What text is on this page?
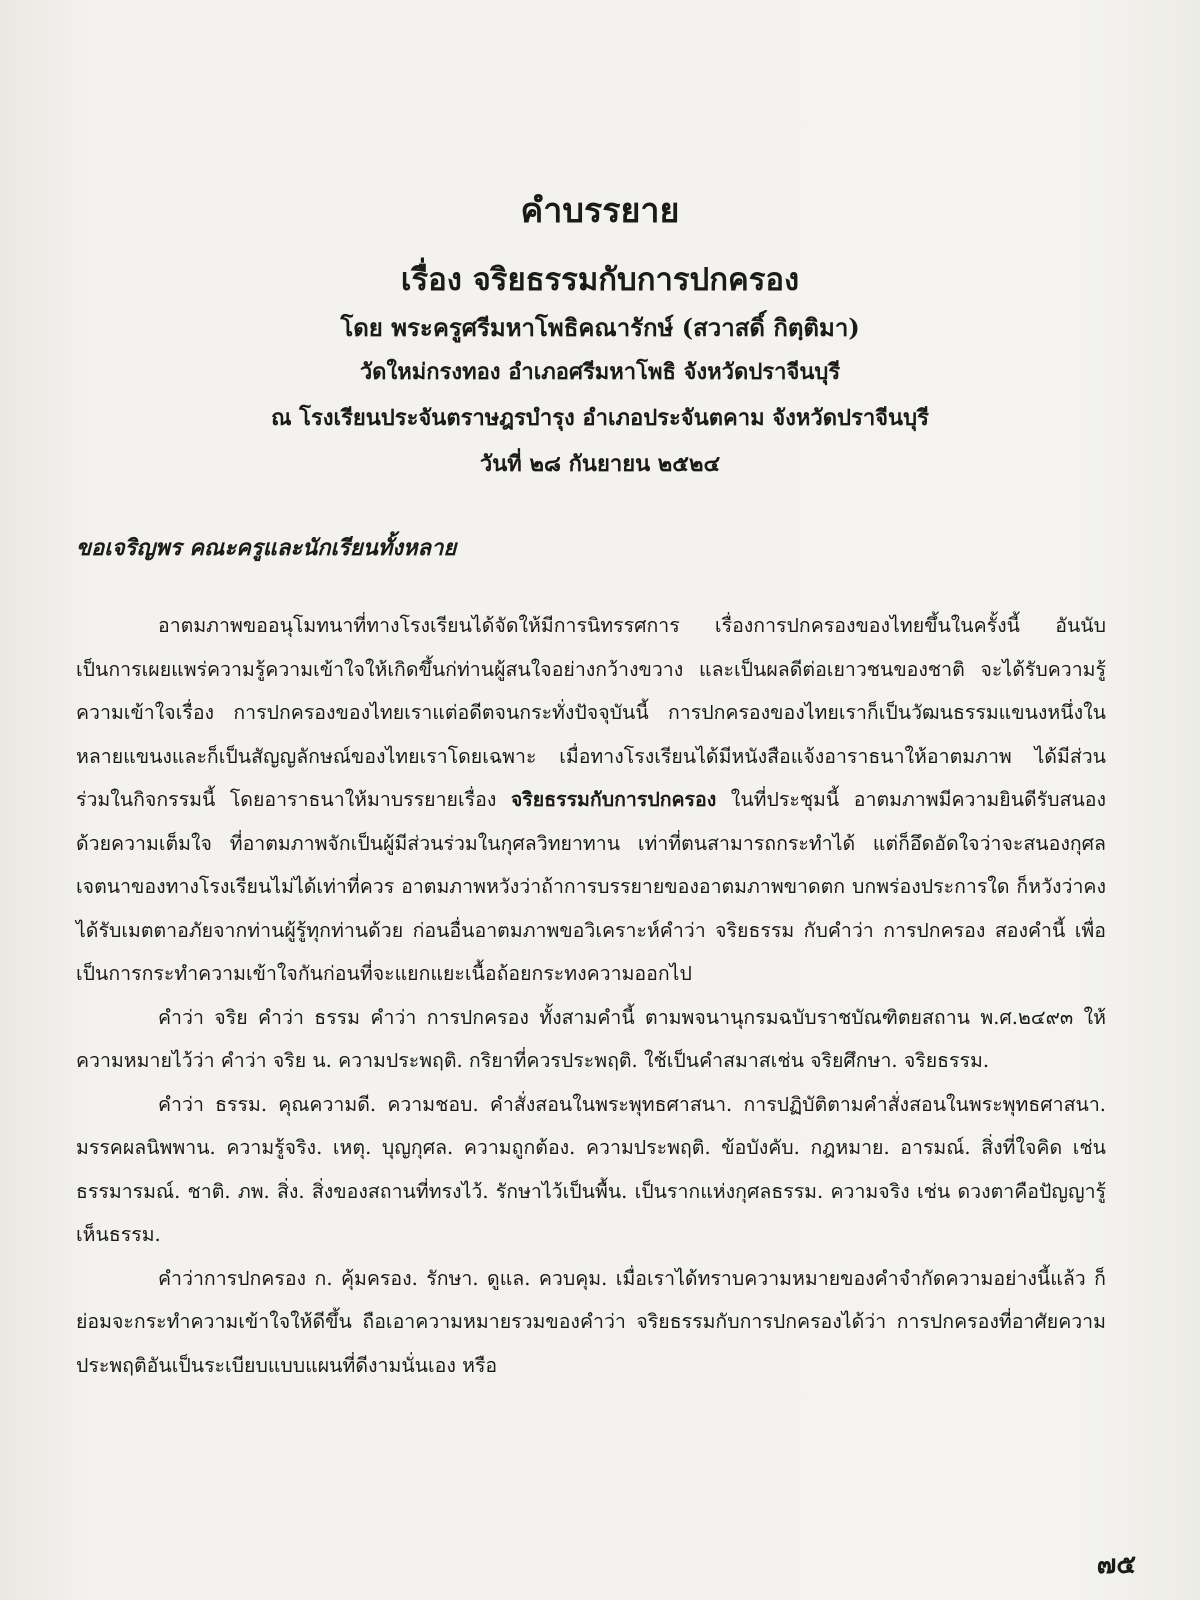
คำบรรยาย
เรื่อง จริยธรรมกับการปกครอง
โดย พระครูศรีมหาโพธิคณารักษ์ (สวาสดิ์ กิตฺติมา)
วัดใหม่กรงทอง อำเภอศรีมหาโพธิ จังหวัดปราจีนบุรี
ณ โรงเรียนประจันตราษฎรบำรุง อำเภอประจันตคาม จังหวัดปราจีนบุรี
วันที่ ๒๘ กันยายน ๒๕๒๔
ขอเจริญพร คณะครูและนักเรียนทั้งหลาย

อาตมภาพขออนุโมทนาที่ทางโรงเรียนได้จัดให้มีการนิทรรศการ เรื่องการปกครองของไทยขึ้นในครั้งนี้ อันนับเป็นการเผยแพร่ความรู้ความเข้าใจให้เกิดขึ้นก่ท่านผู้สนใจอย่างกว้างขวาง และเป็นผลดีต่อเยาวชนของชาติ จะได้รับความรู้ความเข้าใจเรื่อง การปกครองของไทยเราแต่อดีตจนกระทั่งปัจจุบันนี้ การปกครองของไทยเราก็เป็นวัฒนธรรมแขนงหนึ่งในหลายแขนงและก็เป็นสัญญลักษณ์ของไทยเราโดยเฉพาะ เมื่อทางโรงเรียนได้มีหนังสือแจ้งอาราธนาให้อาตมภาพ ได้มีส่วนร่วมในกิจกรรมนี้ โดยอาราธนาให้มาบรรยายเรื่อง จริยธรรมกับการปกครอง ในที่ประชุมนี้ อาตมภาพมีความยินดีรับสนองด้วยความเต็มใจ ที่อาตมภาพจักเป็นผู้มีส่วนร่วมในกุศลวิทยาทาน เท่าที่ตนสามารถกระทำได้ แต่ก็อึดอัดใจว่าจะสนองกุศลเจตนาของทางโรงเรียนไม่ได้เท่าที่ควร อาตมภาพหวังว่าถ้าการบรรยายของอาตมภาพขาดตก บกพร่องประการใด ก็หวังว่าคงได้รับเมตตาอภัยจากท่านผู้รู้ทุกท่านด้วย ก่อนอื่นอาตมภาพขอวิเคราะห์คำว่า จริยธรรม กับคำว่า การปกครอง สองคำนี้ เพื่อเป็นการกระทำความเข้าใจกันก่อนที่จะแยกแยะเนื้อถ้อยกระทงความออกไป

คำว่า จริย คำว่า ธรรม คำว่า การปกครอง ทั้งสามคำนี้ ตามพจนานุกรมฉบับราชบัณฑิตยสถาน พ.ศ.๒๔๙๓ ให้ความหมายไว้ว่า คำว่า จริย น. ความประพฤติ. กริยาที่ควรประพฤติ. ใช้เป็นคำสมาสเช่น จริยศึกษา. จริยธรรม.

คำว่า ธรรม. คุณความดี. ความชอบ. คำสั่งสอนในพระพุทธศาสนา. การปฏิบัติตามคำสั่งสอนในพระพุทธศาสนา. มรรคผลนิพพาน. ความรู้จริง. เหตุ. บุญกุศล. ความถูกต้อง. ความประพฤติ. ข้อบังคับ. กฎหมาย. อารมณ์. สิ่งที่ใจคิด เช่น ธรรมารมณ์. ชาติ. ภพ. สิ่ง. สิ่งของสถานที่ทรงไว้. รักษาไว้เป็นพื้น. เป็นรากแห่งกุศลธรรม. ความจริง เช่น ดวงตาคือปัญญารู้ เห็นธรรม.

คำว่าการปกครอง ก. คุ้มครอง. รักษา. ดูแล. ควบคุม. เมื่อเราได้ทราบความหมายของคำจำกัดความอย่างนี้แล้ว ก็ย่อมจะกระทำความเข้าใจให้ดีขึ้น ถือเอาความหมายรวมของคำว่า จริยธรรมกับการปกครองได้ว่า การปกครองที่อาศัยความประพฤติอันเป็นระเบียบแบบแผนที่ดีงามนั่นเอง หรือ

๗๕
